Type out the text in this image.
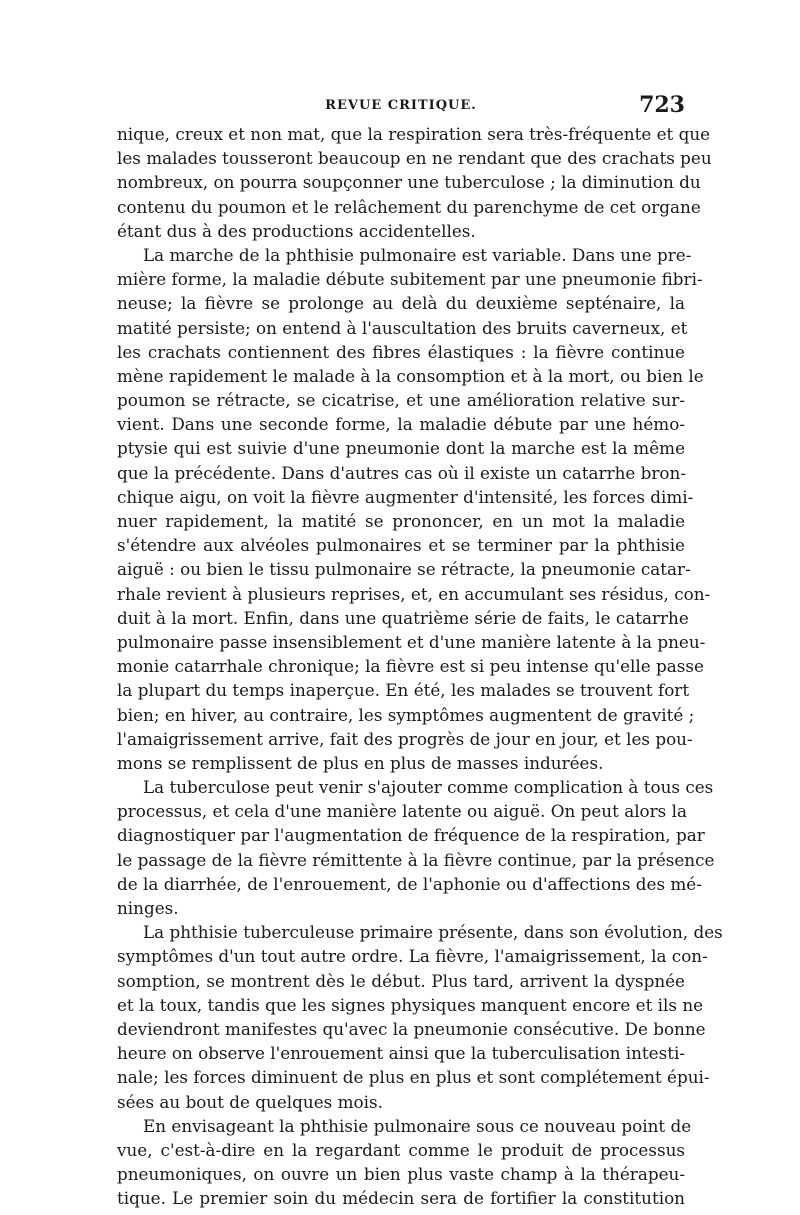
REVUE CRITIQUE.	723
nique, creux et non mat, que la respiration sera très-fréquente et que
les malades tousseront beaucoup en ne rendant que des crachats peu
nombreux, on pourra soupçonner une tuberculose ; la diminution du
contenu du poumon et le relâchement du parenchyme de cet organe
étant dus à des productions accidentelles.
La marche de la phthisie pulmonaire est variable. Dans une pre-
mière forme, la maladie débute subitement par une pneumonie fibri-
neuse; la fièvre se prolonge au delà du deuxième septénaire, la
matité persiste; on entend à l'auscultation des bruits caverneux, et
les crachats contiennent des fibres élastiques : la fièvre continue
mène rapidement le malade à la consomption et à la mort, ou bien le
poumon se rétracte, se cicatrise, et une amélioration relative sur-
vient. Dans une seconde forme, la maladie débute par une hémo-
ptysie qui est suivie d'une pneumonie dont la marche est la même
que la précédente. Dans d'autres cas où il existe un catarrhe bron-
chique aigu, on voit la fièvre augmenter d'intensité, les forces dimi-
nuer rapidement, la matité se prononcer, en un mot la maladie
s'étendre aux alvéoles pulmonaires et se terminer par la phthisie
aiguë : ou bien le tissu pulmonaire se rétracte, la pneumonie catar-
rhale revient à plusieurs reprises, et, en accumulant ses résidus, con-
duit à la mort. Enfin, dans une quatrième série de faits, le catarrhe
pulmonaire passe insensiblement et d'une manière latente à la pneu-
monie catarrhale chronique; la fièvre est si peu intense qu'elle passe
la plupart du temps inaperçue. En été, les malades se trouvent fort
bien; en hiver, au contraire, les symptômes augmentent de gravité ;
l'amaigrissement arrive, fait des progrès de jour en jour, et les pou-
mons se remplissent de plus en plus de masses indurées.
La tuberculose peut venir s'ajouter comme complication à tous ces
processus, et cela d'une manière latente ou aiguë. On peut alors la
diagnostiquer par l'augmentation de fréquence de la respiration, par
le passage de la fièvre rémittente à la fièvre continue, par la présence
de la diarrhée, de l'enrouement, de l'aphonie ou d'affections des mé-
ninges.
La phthisie tuberculeuse primaire présente, dans son évolution, des
symptômes d'un tout autre ordre. La fièvre, l'amaigrissement, la con-
somption, se montrent dès le début. Plus tard, arrivent la dyspnée
et la toux, tandis que les signes physiques manquent encore et ils ne
deviendront manifestes qu'avec la pneumonie consécutive. De bonne
heure on observe l'enrouement ainsi que la tuberculisation intesti-
nale; les forces diminuent de plus en plus et sont complétement épui-
sées au bout de quelques mois.
En envisageant la phthisie pulmonaire sous ce nouveau point de
vue, c'est-à-dire en la regardant comme le produit de processus
pneumoniques, on ouvre un bien plus vaste champ à la thérapeu-
tique. Le premier soin du médecin sera de fortifier la constitution
